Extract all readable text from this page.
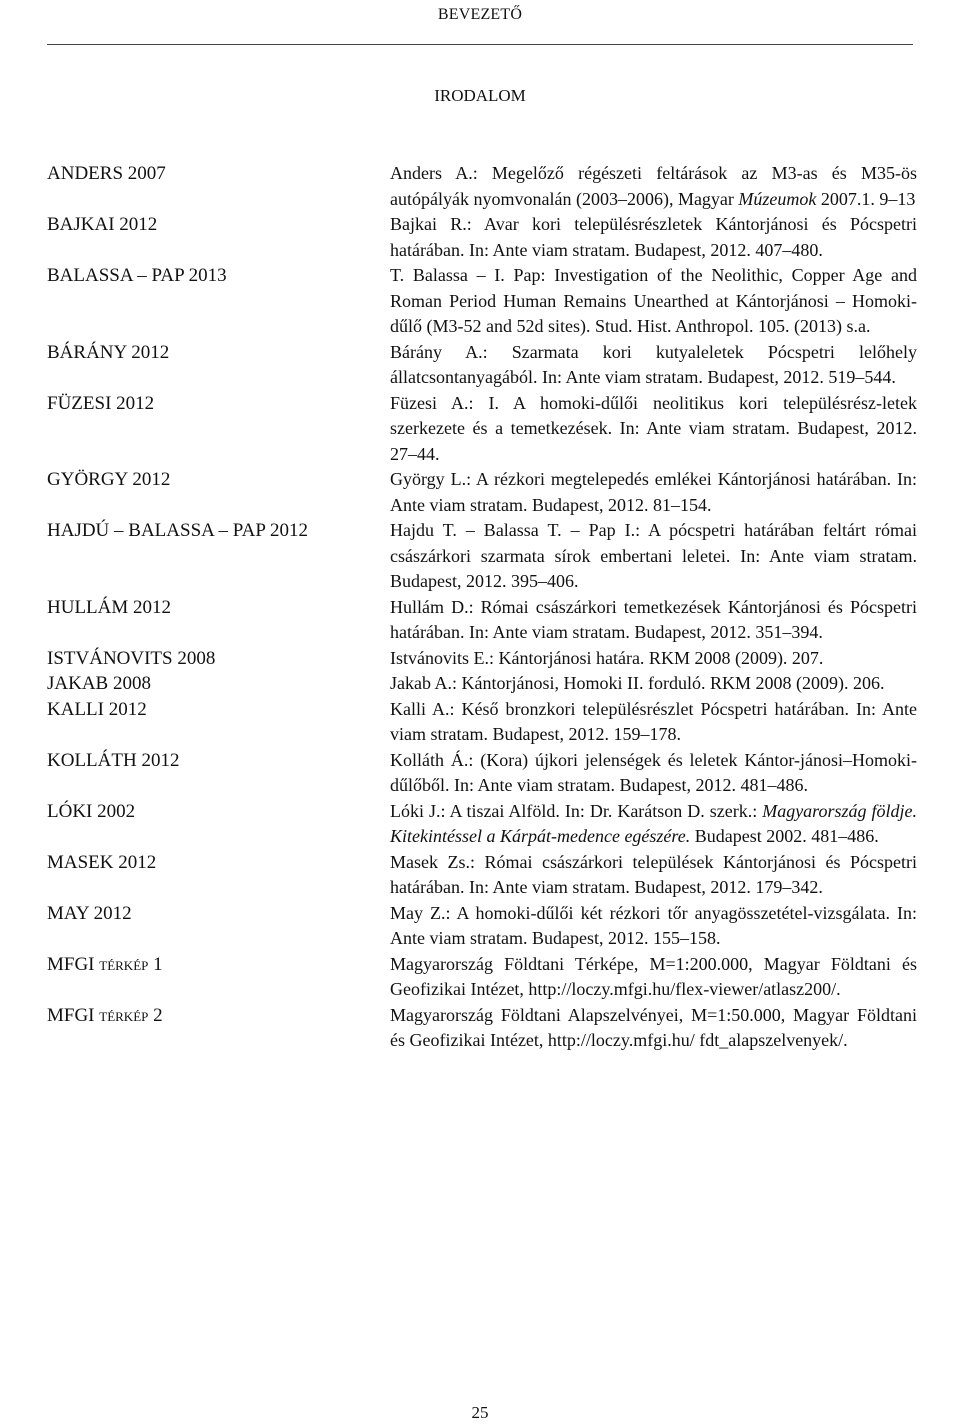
BEVEZETŐ
IRODALOM
ANDERS 2007	Anders A.: Megelőző régészeti feltárások az M3-as és M35-ös autópályák nyomvonalán (2003–2006), Magyar Múzeumok 2007.1. 9–13
BAJKAI 2012	Bajkai R.: Avar kori településrészletek Kántorjánosi és Pócspetri határában. In: Ante viam stratam. Budapest, 2012. 407–480.
BALASSA – PAP 2013	T. Balassa – I. Pap: Investigation of the Neolithic, Copper Age and Roman Period Human Remains Unearthed at Kántorjánosi – Homoki-dűlő (M3-52 and 52d sites). Stud. Hist. Anthropol. 105. (2013) s.a.
BÁRÁNY 2012	Bárány A.: Szarmata kori kutyaleletek Pócspetri lelőhely állatcsontanyagából. In: Ante viam stratam. Budapest, 2012. 519–544.
FÜZESI 2012	Füzesi A.: I. A homoki-dűlői neolitikus kori településrész-letek szerkezete és a temetkezések. In: Ante viam stratam. Budapest, 2012. 27–44.
GYÖRGY 2012	György L.: A rézkori megtelepedés emlékei Kántorjánosi határában. In: Ante viam stratam. Budapest, 2012. 81–154.
HAJDÚ – BALASSA – PAP 2012	Hajdu T. – Balassa T. – Pap I.: A pócspetri határában feltárt római császárkori szarmata sírok embertani leletei. In: Ante viam stratam. Budapest, 2012. 395–406.
HULLÁM 2012	Hullám D.: Római császárkori temetkezések Kántorjánosi és Pócspetri határában. In: Ante viam stratam. Budapest, 2012. 351–394.
ISTVÁNOVITS 2008	Istvánovits E.: Kántorjánosi határa. RKM 2008 (2009). 207.
JAKAB 2008	Jakab A.: Kántorjánosi, Homoki II. forduló. RKM 2008 (2009). 206.
KALLI 2012	Kalli A.: Késő bronzkori településrészlet Pócspetri határában. In: Ante viam stratam. Budapest, 2012. 159–178.
KOLLÁTH 2012	Kolláth Á.: (Kora) újkori jelenségek és leletek Kántor-jánosi–Homoki-dűlőből. In: Ante viam stratam. Budapest, 2012. 481–486.
LÓKI 2002	Lóki J.: A tiszai Alföld. In: Dr. Karátson D. szerk.: Magyarország földje. Kitekintéssel a Kárpát-medence egészére. Budapest 2002. 481–486.
MASEK 2012	Masek Zs.: Római császárkori települések Kántorjánosi és Pócspetri határában. In: Ante viam stratam. Budapest, 2012. 179–342.
MAY 2012	May Z.: A homoki-dűlői két rézkori tőr anyagösszetétel-vizsgálata. In: Ante viam stratam. Budapest, 2012. 155–158.
MFGI térkép 1	Magyarország Földtani Térképe, M=1:200.000, Magyar Földtani és Geofizikai Intézet, http://loczy.mfgi.hu/flex-viewer/atlasz200/.
MFGI térkép 2	Magyarország Földtani Alapszelvényei, M=1:50.000, Magyar Földtani és Geofizikai Intézet, http://loczy.mfgi.hu/ fdt_alapszelvenyek/.
25
